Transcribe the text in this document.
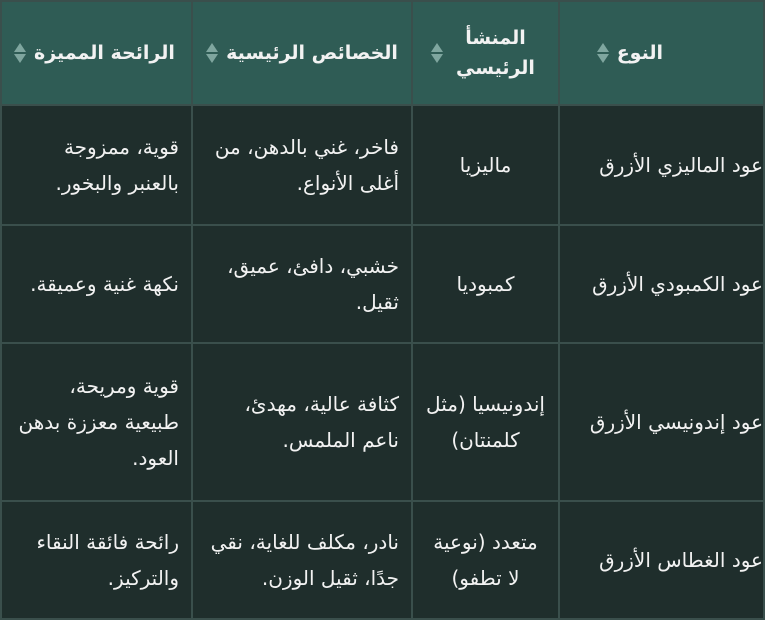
النوع	المنشأ الرئيسي	الخصائص الرئيسية	الرائحة المميزة

عود الماليزي الأزرق	ماليزيا	فاخر، غني بالدهن، من أغلى الأنواع.	قوية، ممزوجة بالعنبر والبخور.
عود الكمبودي الأزرق	كمبوديا	خشبي، دافئ، عميق، ثقيل.	نكهة غنية وعميقة.
عود إندونيسي الأزرق	إندونيسيا (مثل كلمنتان)	كثافة عالية، مهدئ، ناعم الملمس.	قوية ومريحة، طبيعية معززة بدهن العود.
عود الغطاس الأزرق	متعدد (نوعية لا تطفو)	نادر، مكلف للغاية، نقي جدًا، ثقيل الوزن.	رائحة فائقة النقاء والتركيز.
